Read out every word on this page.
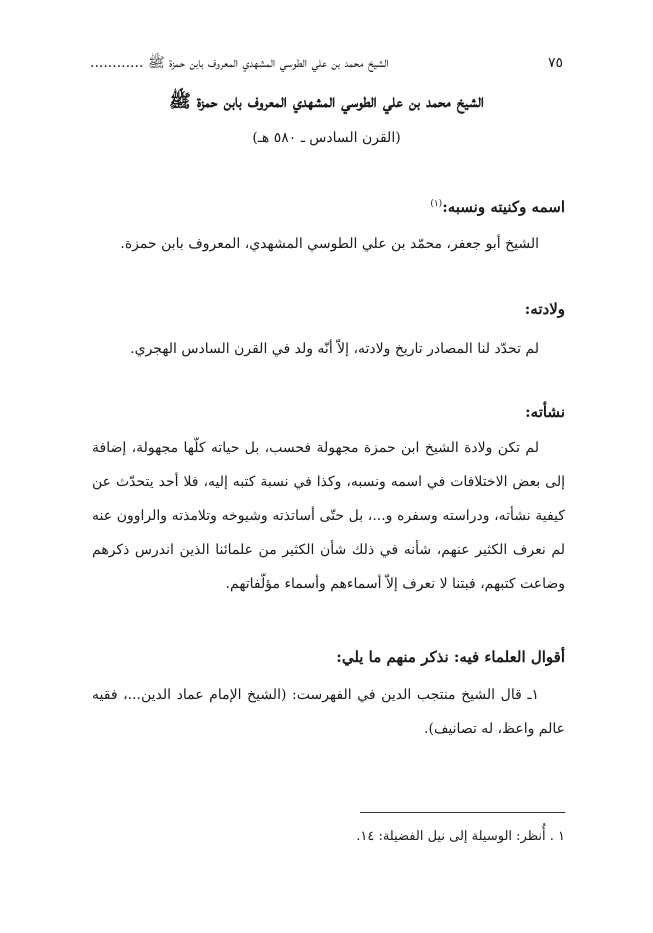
٧٥
الشيخ محمد بن علي الطوسي المشهدي المعروف بابن حمزة ﷺ ............
الشيخ محمد بن علي الطوسي المشهدي المعروف بابن حمزة ﷺ
(القرن السادس ـ ٥٨٠ هـ)
اسمه وكنيته ونسبه:$^{(١)}$
الشيخ أبو جعفر، محمّد بن علي الطوسي المشهدي، المعروف بابن حمزة.
ولادته:
لم تحدّد لنا المصادر تاريخ ولادته، إلاّ أنّه ولد في القرن السادس الهجري.
نشأته:
لم تكن ولادة الشيخ ابن حمزة مجهولة فحسب، بل حياته كلّها مجهولة، إضافة إلى بعض الاختلافات في اسمه ونسبه، وكذا في نسبة كتبه إليه، فلا أحد يتحدّث عن كيفية نشأته، ودراسته وسفره و...، بل حتّى أساتذته وشيوخه وتلامذته والراوون عنه لم نعرف الكثير عنهم، شأنه في ذلك شأن الكثير من علمائنا الذين اندرس ذكرهم وضاعت كتبهم، فبتنا لا نعرف إلاّ أسماءهم وأسماء مؤلّفاتهم.
أقوال العلماء فيه: نذكر منهم ما يلي:
١ـ قال الشيخ منتجب الدين في الفهرست: (الشيخ الإمام عماد الدين...، فقيه عالم واعظ، له تصانيف).
١ . أُنظر: الوسيلة إلى نيل الفضيلة: ١٤.
